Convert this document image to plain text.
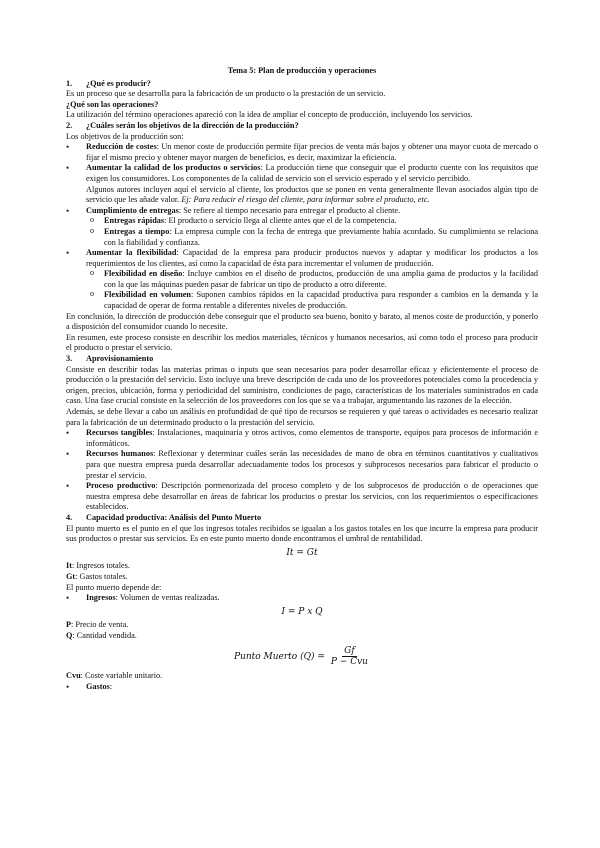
Tema 5: Plan de producción y operaciones
1. ¿Qué es producir?

Es un proceso que se desarrolla para la fabricación de un producto o la prestación de un servicio.

¿Qué son las operaciones?

La utilización del término operaciones apareció con la idea de ampliar el concepto de producción, incluyendo los servicios.

2. ¿Cuáles serán los objetivos de la dirección de la producción?

Los objetivos de la producción son:

• Reducción de costes: Un menor coste de producción permite fijar precios de venta más bajos y obtener una mayor cuota de mercado o fijar el mismo precio y obtener mayor margen de beneficios, es decir, maximizar la eficiencia.
• Aumentar la calidad de los productos o servicios: La producción tiene que conseguir que el producto cuente con los requisitos que exigen los consumidores. Los componentes de la calidad de servicio son el servicio esperado y el servicio percibido.
Algunos autores incluyen aquí el servicio al cliente, los productos que se ponen en venta generalmente llevan asociados algún tipo de servicio que les añade valor. Ej: Para reducir el riesgo del cliente, para informar sobre el producto, etc.
• Cumplimiento de entregas: Se refiere al tiempo necesario para entregar el producto al cliente.
o Entregas rápidas: El producto o servicio llega al cliente antes que el de la competencia.
o Entregas a tiempo: La empresa cumple con la fecha de entrega que previamente había acordado. Su cumplimiento se relaciona con la fiabilidad y confianza.
• Aumentar la flexibilidad: Capacidad de la empresa para producir productos nuevos y adaptar y modificar los productos a los requerimientos de los clientes, así como la capacidad de ésta para incrementar el volumen de producción.
o Flexibilidad en diseño: Incluye cambios en el diseño de productos, producción de una amplia gama de productos y la facilidad con la que las máquinas pueden pasar de fabricar un tipo de producto a otro diferente.
o Flexibilidad en volumen: Suponen cambios rápidos en la capacidad productiva para responder a cambios en la demanda y la capacidad de operar de forma rentable a diferentes niveles de producción.

En conclusión, la dirección de producción debe conseguir que el producto sea bueno, bonito y barato, al menos coste de producción, y ponerlo a disposición del consumidor cuando lo necesite.

En resumen, este proceso consiste en describir los medios materiales, técnicos y humanos necesarios, así como todo el proceso para producir el producto o prestar el servicio.

3. Aprovisionamiento

Consiste en describir todas las materias primas o inputs que sean necesarios para poder desarrollar eficaz y eficientemente el proceso de producción o la prestación del servicio. Esto incluye una breve descripción de cada uno de los proveedores potenciales como la procedencia y origen, precios, ubicación, forma y periodicidad del suministro, condiciones de pago, características de los materiales suministrados en cada caso. Una fase crucial consiste en la selección de los proveedores con los que se va a trabajar, argumentando las razones de la elección.

Además, se debe llevar a cabo un análisis en profundidad de qué tipo de recursos se requieren y qué tareas o actividades es necesario realizar para la fabricación de un determinado producto o la prestación del servicio.

• Recursos tangibles: Instalaciones, maquinaria y otros activos, como elementos de transporte, equipos para procesos de información e informáticos.
• Recursos humanos: Reflexionar y determinar cuáles serán las necesidades de mano de obra en términos cuantitativos y cualitativos para que nuestra empresa pueda desarrollar adecuadamente todos los procesos y subprocesos necesarios para fabricar el producto o prestar el servicio.
• Proceso productivo: Descripción pormenorizada del proceso completo y de los subprocesos de producción o de operaciones que nuestra empresa debe desarrollar en áreas de fabricar los productos o prestar los servicios, con los requerimientos o especificaciones establecidos.
4. Capacidad productiva: Análisis del Punto Muerto

El punto muerto es el punto en el que los ingresos totales recibidos se igualan a los gastos totales en los que incurre la empresa para producir sus productos o prestar sus servicios. Es en este punto muerto donde encontramos el umbral de rentabilidad.

It = Gt

It: Ingresos totales.

Gt: Gastos totales.

El punto muerto depende de:

• Ingresos: Volumen de ventas realizadas.
I = P x Q

P: Precio de venta.

Q: Cantidad vendida.

Punto Muerto $(Q) = \frac{Gf}{\text{P − Cvu}}$

Cvu: Coste variable unitario.

• Gastos:
